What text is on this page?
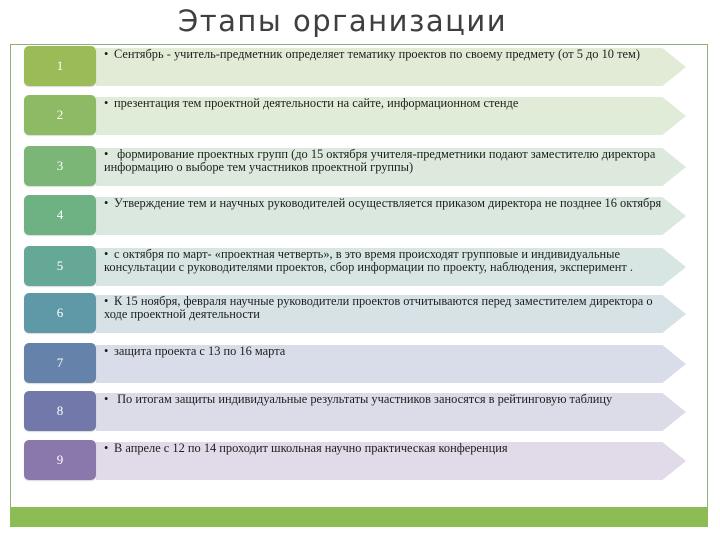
Этапы организации
1
• Сентябрь - учитель-предметник определяет тематику проектов по своему предмету (от 5 до 10 тем)
2
• презентация тем проектной деятельности на сайте, информационном стенде
3
• формирование проектных групп (до 15 октября учителя-предметники подают заместителю директора информацию о выборе тем участников проектной группы)
4
• Утверждение тем и научных руководителей осуществляется приказом директора не позднее 16 октября
5
• с октября по март- «проектная четверть», в это время происходят групповые и индивидуальные консультации с руководителями проектов, сбор информации по проекту, наблюдения, эксперимент .
6
• К 15 ноября, февраля научные руководители проектов отчитываются перед заместителем директора о ходе проектной деятельности
7
• защита проекта с 13 по 16 марта
8
• По итогам защиты индивидуальные результаты участников заносятся в рейтинговую таблицу
9
• В апреле с 12 по 14 проходит школьная научно практическая конференция
